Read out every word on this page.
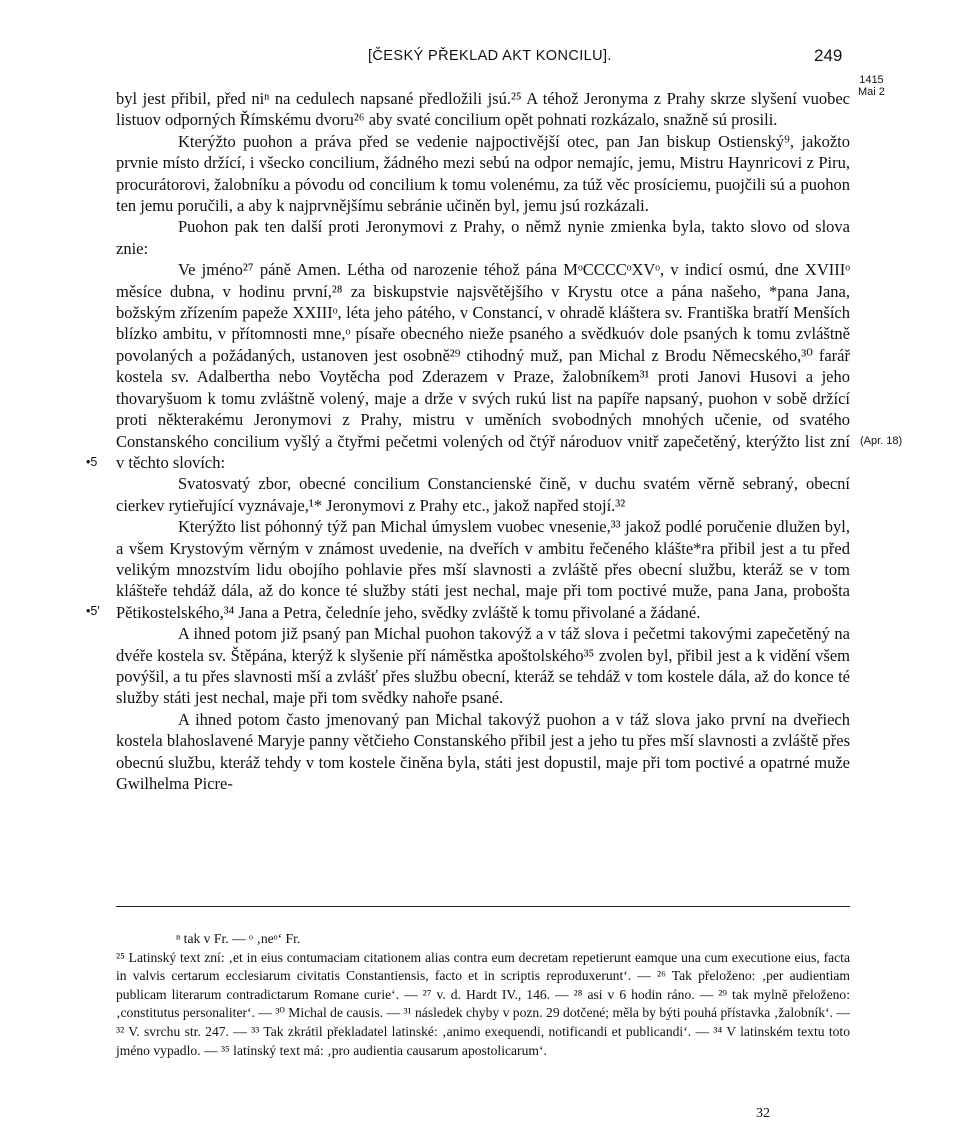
[ČESKÝ PŘEKLAD AKT KONCILU].	249
1415
Mai 2
(Apr. 18)
•5
•5'

byl jest přibil, před niⁿ na cedulech napsané předložili jsú.²⁵ A téhož Jeronyma z Prahy skrze slyšení vuobec listuov odporných Římskému dvoru²⁶ aby svaté concilium opět pohnati rozkázalo, snažně sú prosili.

Kterýžto puohon a práva před se vedenie najpoctivější otec, pan Jan biskup Ostienský⁹, jakožto prvnie místo držící, i všecko concilium, žádného mezi sebú na odpor nemajíc, jemu, Mistru Haynricovi z Piru, procurátorovi, žalobníku a póvodu od concilium k tomu volenému, za túž věc prosíciemu, puojčili sú a puohon ten jemu poručili, a aby k najprvnějšímu sebránie učiněn byl, jemu jsú rozkázali.

Puohon pak ten další proti Jeronymovi z Prahy, o němž nynie zmienka byla, takto slovo od slova znie:

Ve jméno²⁷ páně Amen. Létha od narozenie téhož pána MᵒCCCCᵒXVᵒ, v indicí osmú, dne XVIIIᵒ měsíce dubna, v hodinu první,²⁸ za biskupstvie najsvětějšího v Krystu otce a pána našeho, *pana Jana, božským zřízením papeže XXIIIᵒ, léta jeho pátého, v Constancí, v ohradě kláštera sv. Františka bratří Menších blízko ambitu, v přítomnosti mne,ᵒ písaře obecného nieže psaného a svědkuóv dole psaných k tomu zvláštně povolaných a požádaných, ustanoven jest osobně²⁹ ctihodný muž, pan Michal z Brodu Němecského,³⁰ farář kostela sv. Adalbertha nebo Voytěcha pod Zderazem v Praze, žalobníkem³¹ proti Janovi Husovi a jeho thovaryšuom k tomu zvláštně volený, maje a drže v svých rukú list na papíře napsaný, puohon v sobě držící proti některakému Jeronymovi z Prahy, mistru v uměních svobodných mnohých učenie, od svatého Constanského concilium vyšlý a čtyřmi pečetmi volených od čtýř národuov vnitř zapečetěný, kterýžto list zní v těchto slovích:

Svatosvatý zbor, obecné concilium Constancienské čině, v duchu svatém věrně sebraný, obecní cierkev rytieřující vyznávaje,¹* Jeronymovi z Prahy etc., jakož napřed stojí.³²

Kterýžto list póhonný týž pan Michal úmyslem vuobec vnesenie,³³ jakož podlé poručenie dlužen byl, a všem Krystovým věrným v známost uvedenie, na dveřích v ambitu řečeného klášte*ra přibil jest a tu před velikým mnozstvím lidu obojího pohlavie přes mší slavnosti a zvláště přes obecní službu, kteráž se v tom klášteře tehdáž dála, až do konce té služby státi jest nechal, maje při tom poctivé muže, pana Jana, probošta Pětikostelského,³⁴ Jana a Petra, čeledníe jeho, svědky zvláště k tomu přivolané a žádané.

A ihned potom již psaný pan Michal puohon takovýž a v táž slova i pečetmi takovými zapečetěný na dvéře kostela sv. Štěpána, kterýž k slyšenie pří náměstka apoštolského³⁵ zvolen byl, přibil jest a k vidění všem povýšil, a tu přes slavnosti mší a zvlášť přes službu obecní, kteráž se tehdáž v tom kostele dála, až do konce té služby státi jest nechal, maje při tom svědky nahoře psané.

A ihned potom často jmenovaný pan Michal takovýž puohon a v táž slova jako první na dveřiech kostela blahoslavené Maryje panny větčieho Constanského přibil jest a jeho tu přes mší slavnosti a zvláště přes obecnú službu, kteráž tehdy v tom kostele činěna byla, státi jest dopustil, maje při tom poctivé a opatrné muže Gwilhelma Picre-

ⁿ tak v Fr. — ᵒ ‚neᵒ‘ Fr.

²⁵ Latinský text zní: ‚et in eius contumaciam citationem alias contra eum decretam repetierunt eamque una cum executione eius, facta in valvis certarum ecclesiarum civitatis Constantiensis, facto et in scriptis reproduxerunt‘. — ²⁶ Tak přeloženo: ‚per audientiam publicam literarum contradictarum Romane curie‘. — ²⁷ v. d. Hardt IV., 146. — ²⁸ asi v 6 hodin ráno. — ²⁹ tak mylně přeloženo: ‚constitutus personaliter‘. — ³⁰ Michal de causis. — ³¹ následek chyby v pozn. 29 dotčené; měla by býti pouhá přístavka ‚žalobník‘. — ³² V. svrchu str. 247. — ³³ Tak zkrátil překladatel latinské: ‚animo exequendi, notificandi et publicandi‘. — ³⁴ V latinském textu toto jméno vypadlo. — ³⁵ latinský text má: ‚pro audientia causarum apostolicarum‘.

32
